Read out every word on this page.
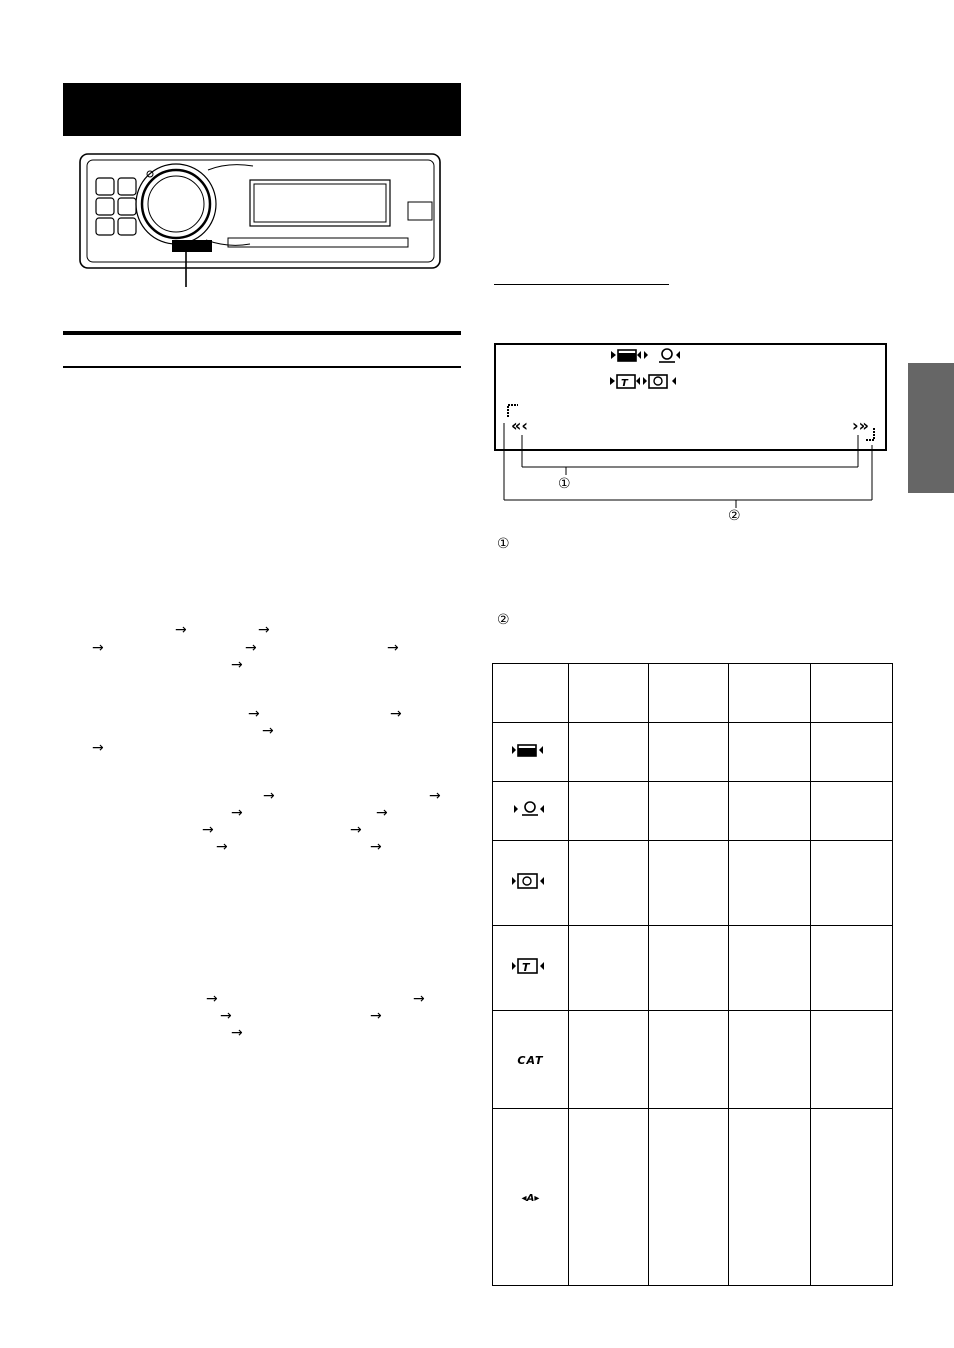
→	→
→	→	→
→
→	→
→
→
→	→
→	→
→	→
→	→
→	→
→	→
→
T
«‹	›»
①
②
①
②

T				

CAT				
◂A▸				
